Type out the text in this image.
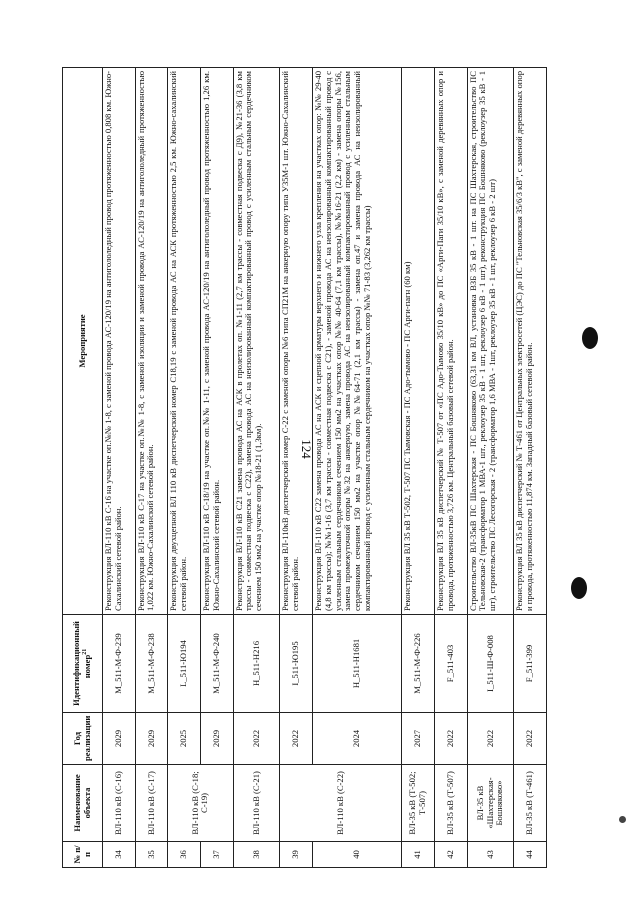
124
№ п/п	Наименование объекта	Год реализации	Идентификационный номер$^{21}$	Мероприятие
34	ВЛ-110 кВ (С-16)	2029	M_511-М-Ф-239	Реконструкция ВЛ-110 кВ С-16 на участке оп.№№ 1-8, с заменой провода АС-120/19 на антигололедный провод протяженностью 0,808 км. Южно-Сахалинский сетевой район.
35	ВЛ-110 кВ (С-17)	2029	M_511-М-Ф-238	Реконструкция ВЛ-110 кВ С-17 на участке оп.№№ 1-8, с заменой изоляции и заменой провода АС-120/19 на антигололедный протяженностью 1,022 км. Южно-Сахалинский сетевой район.
36	ВЛ-110 кВ (С-18; С-19)	2025	L_511-Ю194	Реконструкция двухцепной ВЛ 110 кВ диспетчерский номер С18,19 с заменой провода АС на АСК протяженностью 2,5 км. Южно-сахалинский сетевой район.
37		2029	M_511-М-Ф-240	Реконструкция ВЛ-110 кВ С-18/19 на участке оп.№№ 1-11, с заменой провода АС-120/19 на антигололедный провод протяженностью 1,26 км. Южно-Сахалинский сетевой район.
38	ВЛ-110 кВ (С-21)	2022	H_511-Н216	Реконструкция ВЛ-110 кВ С21 замена провода АС на АСК в пролетах оп. №1-11 (2,7 км трассы - совместная подвеска с Д9), №21-36 (3,8 км трассы - совместная подвеска с С22), замена провода АС на неизолированный компактированный провод с усиленным стальным сердечником сечением 150 мм2 на участке опор №18-21 (1,3км).
39	ВЛ-110 кВ (С-22)	2022	I_511-Ю195	Реконструкция ВЛ-110кВ диспетчерский номер С-22 с заменой опоры №6 типа СП21М на анкерную опору типа У35М-1 шт. Южно-Сахалинский сетевой район.
40		2024	H_511-Н1681	Реконструкция ВЛ-110 кВ С22 замена провода АС на АСК и сцепной арматуры верхнего и нижнего узла крепления на участках опор: №№ 29-40 (4,8 км трассы); №№1-16 (3,7 км трассы - совместная подвеска с С21), - заменой провода АС на неизолированный компактированный провод с усиленным стальным сердечником сечением 150 мм2 на участках опор №№ 40-64 (7,1 км трассы), №№16-21 (2,2 км) - замена опоры №156, замена промежуточной опоры №32 на анкерную, замена провода АС на неизолированный компактированный провод с усиленным стальным сердечником сечением 150 мм2 на участке опор №№64-71 (2,1 км трассы) - замена оп.47 и замена провода АС на неизолированный компактированный провод с усиленным стальным сердечником на участках опор №№ 71-83 (3,262 км трассы)
41	ВЛ-35 кВ (Т-502; Т-507)	2027	M_511-М-Ф-226	Реконструкция ВЛ 35 кВ Т-502, Т-507 ПС Тымовская - ПС Адо-тымово - ПС Арги-пагн (60 км)
42	ВЛ-35 кВ (Т-507)	2022	F_511-403	Реконструкция ВЛ 35 кВ диспетчерский № Т-507 от «ПС Адо-Тымово 35/10 кВ» до ПС «Арги-Паги 35/10 кВ», с заменой деревянных опор и провода, протяженностью 3,726 км. Центральный базовый сетевой район.
43	ВЛ-35 кВ «Шахтерская-Бошняково»	2022	I_511-Ш-Ф-008	Строительство ВЛ-35кВ ПС Шахтерская - ПС Бошняково (63,31 км ВЛ, установка ВЗБ 35 кВ - 1 шт. на ПС Шахтерская, строительство ПС Тельновская-2 (трансформатор 1 МВА-1 шт., реклоузер 35 кВ - 1 шт, реклоузер 6 кВ - 1 шт), реконструкция ПС Бошняково (реклоузер 35 кВ - 1 шт), строительство ПС Лесогорская - 2 (трансформатор 1,6 МВА - 1шт, реклоузер 35 кВ - 1 шт, реклоузер 6 кВ - 2 шт)
44	ВЛ-35 кВ (Т-461)	2022	F_511-399	Реконструкция ВЛ 35 кВ диспетчерский № Т-461 от Центральных электросетей (ЦЭС) до ПС "Тельновская 35/6/3 кВ", с заменой деревянных опор и провода, протяженностью 11,874 км. Западный базовый сетевой район.
